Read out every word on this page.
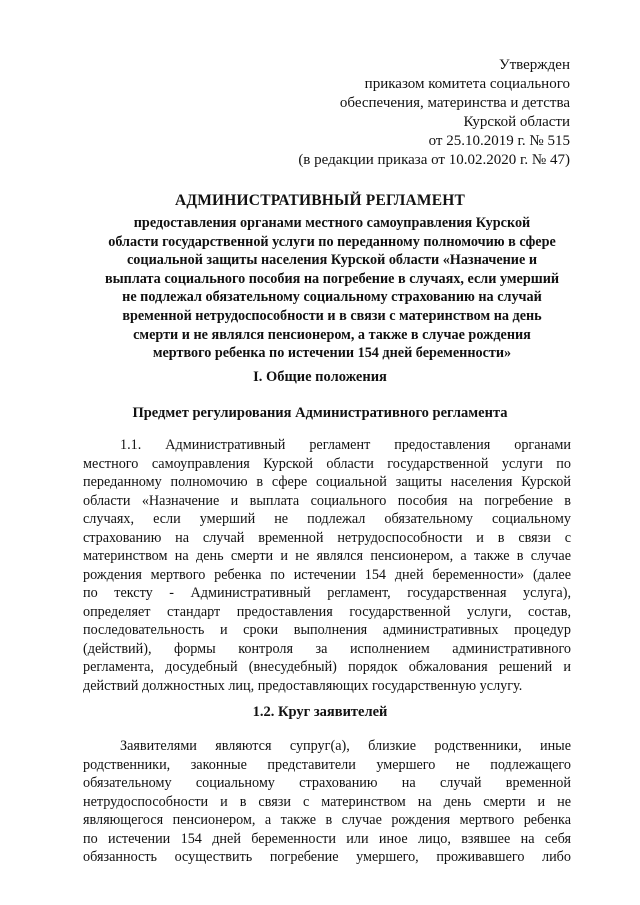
Утвержден
приказом комитета социального
обеспечения, материнства и детства
Курской области
от 25.10.2019 г. № 515
(в редакции приказа от 10.02.2020 г. № 47)
АДМИНИСТРАТИВНЫЙ РЕГЛАМЕНТ
предоставления органами местного самоуправления Курской
области государственной услуги по переданному полномочию в сфере
социальной защиты населения Курской области «Назначение и
выплата социального пособия на погребение в случаях, если умерший
не подлежал обязательному социальному страхованию на случай
временной нетрудоспособности и в связи с материнством на день
смерти и не являлся пенсионером, а также в случае рождения
мертвого ребенка по истечении 154 дней беременности»
I. Общие положения
Предмет регулирования Административного регламента
1.1. Административный регламент предоставления органами
местного самоуправления Курской области государственной услуги по
переданному полномочию в сфере социальной защиты населения Курской
области «Назначение и выплата социального пособия на погребение в
случаях, если умерший не подлежал обязательному социальному
страхованию на случай временной нетрудоспособности и в связи с
материнством на день смерти и не являлся пенсионером, а также в случае
рождения мертвого ребенка по истечении 154 дней беременности» (далее
по тексту - Административный регламент, государственная услуга),
определяет стандарт предоставления государственной услуги, состав,
последовательность и сроки выполнения административных процедур
(действий), формы контроля за исполнением административного
регламента, досудебный (внесудебный) порядок обжалования решений и
действий должностных лиц, предоставляющих государственную услугу.
1.2. Круг заявителей
Заявителями являются супруг(а), близкие родственники, иные
родственники, законные представители умершего не подлежащего
обязательному социальному страхованию на случай временной
нетрудоспособности и в связи с материнством на день смерти и не
являющегося пенсионером, а также в случае рождения мертвого ребенка
по истечении 154 дней беременности или иное лицо, взявшее на себя
обязанность осуществить погребение умершего, проживавшего либо
